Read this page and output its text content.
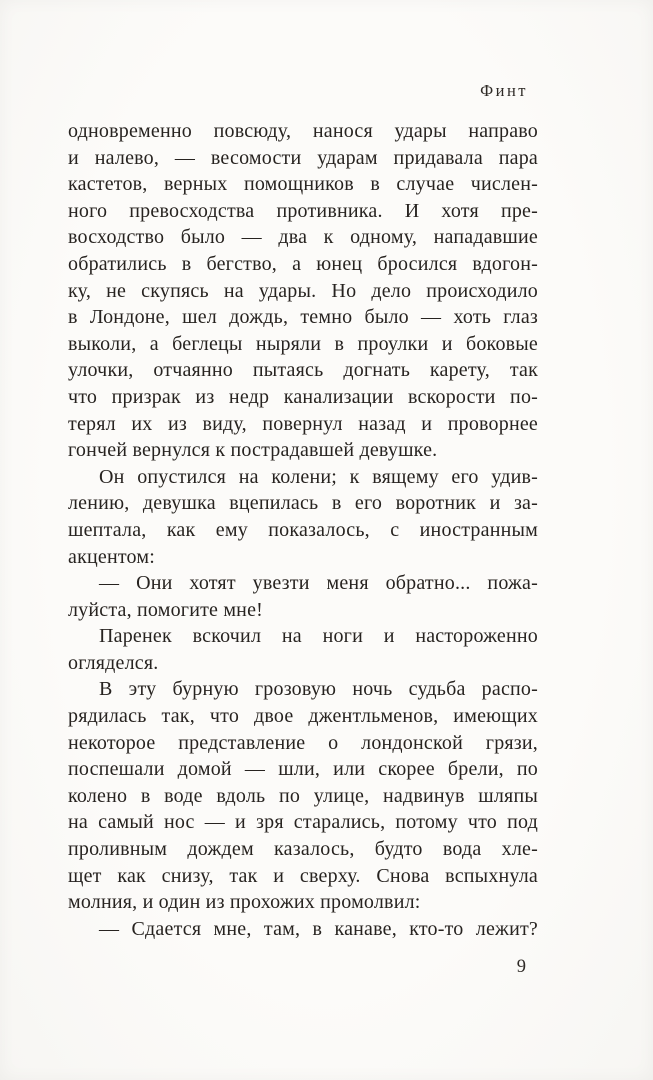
Финт
одновременно повсюду, нанося удары направо
и налево, — весомости ударам придавала пара
кастетов, верных помощников в случае числен-
ного превосходства противника. И хотя пре-
восходство было — два к одному, нападавшие
обратились в бегство, а юнец бросился вдогон-
ку, не скупясь на удары. Но дело происходило
в Лондоне, шел дождь, темно было — хоть глаз
выколи, а беглецы ныряли в проулки и боковые
улочки, отчаянно пытаясь догнать карету, так
что призрак из недр канализации вскорости по-
терял их из виду, повернул назад и проворнее
гончей вернулся к пострадавшей девушке.
Он опустился на колени; к вящему его удив-
лению, девушка вцепилась в его воротник и за-
шептала, как ему показалось, с иностранным
акцентом:
— Они хотят увезти меня обратно... пожа-
луйста, помогите мне!
Паренек вскочил на ноги и настороженно
огляделся.
В эту бурную грозовую ночь судьба распо-
рядилась так, что двое джентльменов, имеющих
некоторое представление о лондонской грязи,
поспешали домой — шли, или скорее брели, по
колено в воде вдоль по улице, надвинув шляпы
на самый нос — и зря старались, потому что под
проливным дождем казалось, будто вода хле-
щет как снизу, так и сверху. Снова вспыхнула
молния, и один из прохожих промолвил:
— Сдается мне, там, в канаве, кто-то лежит?
9
